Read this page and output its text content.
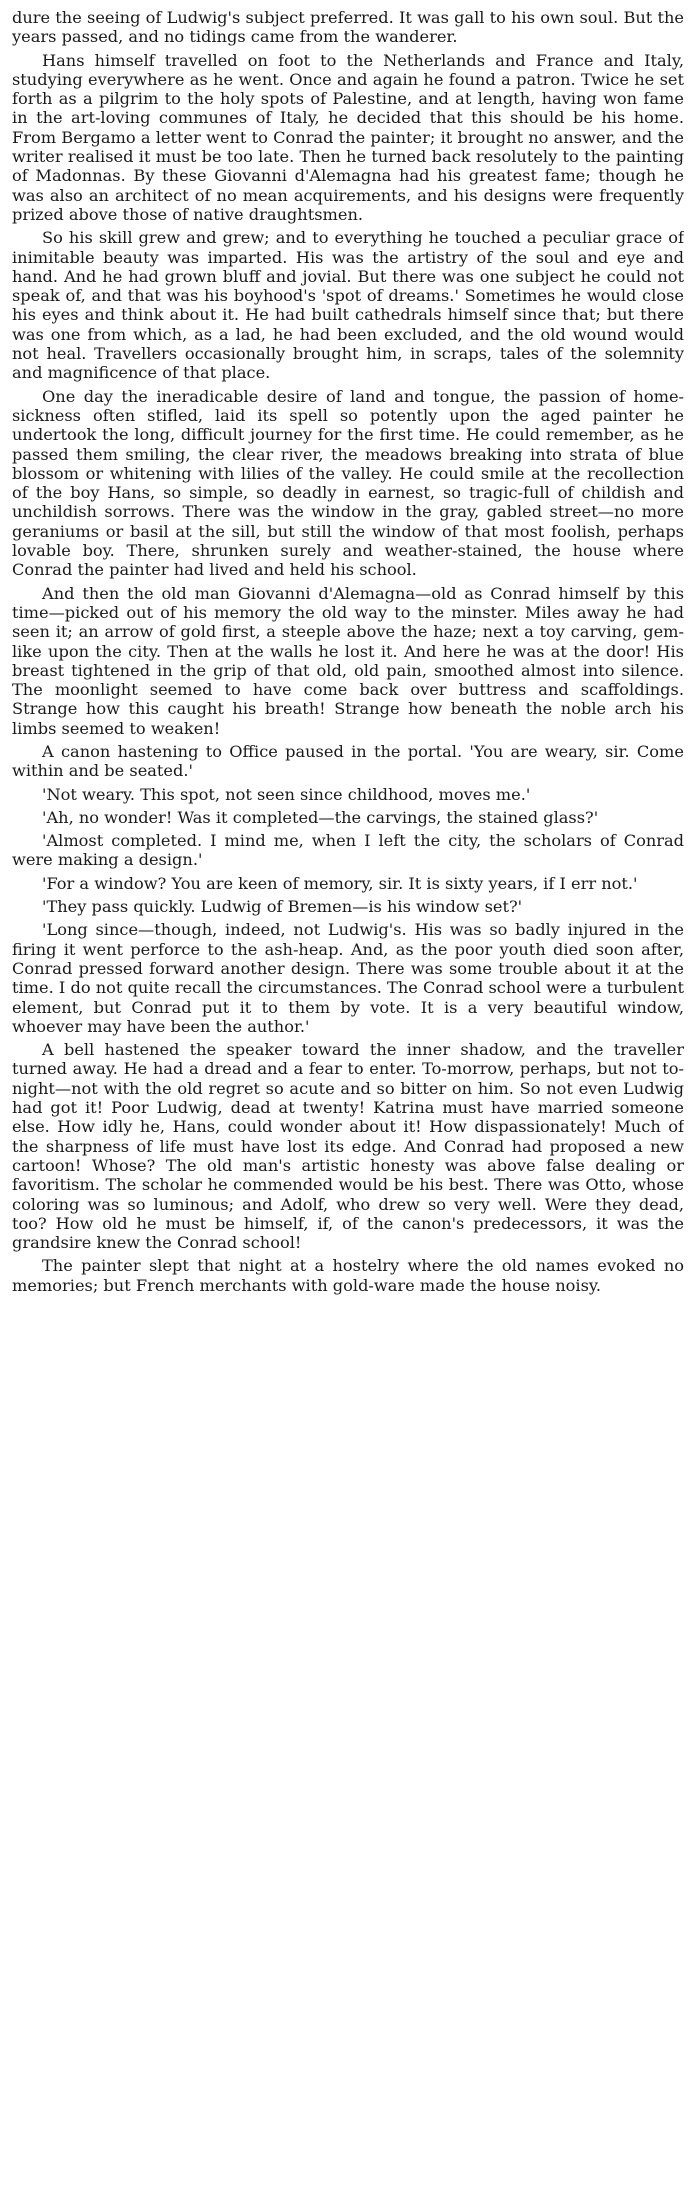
dure the seeing of Ludwig's subject preferred. It was gall to his own soul. But the years passed, and no tidings came from the wanderer.

Hans himself travelled on foot to the Netherlands and France and Italy, studying everywhere as he went. Once and again he found a patron. Twice he set forth as a pilgrim to the holy spots of Palestine, and at length, having won fame in the art-loving communes of Italy, he decided that this should be his home. From Bergamo a letter went to Conrad the painter; it brought no answer, and the writer realised it must be too late. Then he turned back resolutely to the painting of Madonnas. By these Giovanni d'Alemagna had his greatest fame; though he was also an architect of no mean acquirements, and his designs were frequently prized above those of native draughtsmen.

So his skill grew and grew; and to everything he touched a peculiar grace of inimitable beauty was imparted. His was the artistry of the soul and eye and hand. And he had grown bluff and jovial. But there was one subject he could not speak of, and that was his boyhood's 'spot of dreams.' Sometimes he would close his eyes and think about it. He had built cathedrals himself since that; but there was one from which, as a lad, he had been excluded, and the old wound would not heal. Travellers occasionally brought him, in scraps, tales of the solemnity and magnificence of that place.

One day the ineradicable desire of land and tongue, the passion of home-sickness often stifled, laid its spell so potently upon the aged painter he undertook the long, difficult journey for the first time. He could remember, as he passed them smiling, the clear river, the meadows breaking into strata of blue blossom or whitening with lilies of the valley. He could smile at the recollection of the boy Hans, so simple, so deadly in earnest, so tragic-full of childish and unchildish sorrows. There was the window in the gray, gabled street—no more geraniums or basil at the sill, but still the window of that most foolish, perhaps lovable boy. There, shrunken surely and weather-stained, the house where Conrad the painter had lived and held his school.

And then the old man Giovanni d'Alemagna—old as Conrad himself by this time—picked out of his memory the old way to the minster. Miles away he had seen it; an arrow of gold first, a steeple above the haze; next a toy carving, gem-like upon the city. Then at the walls he lost it. And here he was at the door! His breast tightened in the grip of that old, old pain, smoothed almost into silence. The moonlight seemed to have come back over buttress and scaffoldings. Strange how this caught his breath! Strange how beneath the noble arch his limbs seemed to weaken!

A canon hastening to Office paused in the portal. 'You are weary, sir. Come within and be seated.'

'Not weary. This spot, not seen since childhood, moves me.'

'Ah, no wonder! Was it completed—the carvings, the stained glass?'

'Almost completed. I mind me, when I left the city, the scholars of Conrad were making a design.'

'For a window? You are keen of memory, sir. It is sixty years, if I err not.'

'They pass quickly. Ludwig of Bremen—is his window set?'

'Long since—though, indeed, not Ludwig's. His was so badly injured in the firing it went perforce to the ash-heap. And, as the poor youth died soon after, Conrad pressed forward another design. There was some trouble about it at the time. I do not quite recall the circumstances. The Conrad school were a turbulent element, but Conrad put it to them by vote. It is a very beautiful window, whoever may have been the author.'

A bell hastened the speaker toward the inner shadow, and the traveller turned away. He had a dread and a fear to enter. To-morrow, perhaps, but not to-night—not with the old regret so acute and so bitter on him. So not even Ludwig had got it! Poor Ludwig, dead at twenty! Katrina must have married someone else. How idly he, Hans, could wonder about it! How dispassionately! Much of the sharpness of life must have lost its edge. And Conrad had proposed a new cartoon! Whose? The old man's artistic honesty was above false dealing or favoritism. The scholar he commended would be his best. There was Otto, whose coloring was so luminous; and Adolf, who drew so very well. Were they dead, too? How old he must be himself, if, of the canon's predecessors, it was the grandsire knew the Conrad school!

The painter slept that night at a hostelry where the old names evoked no memories; but French merchants with gold-ware made the house noisy.
